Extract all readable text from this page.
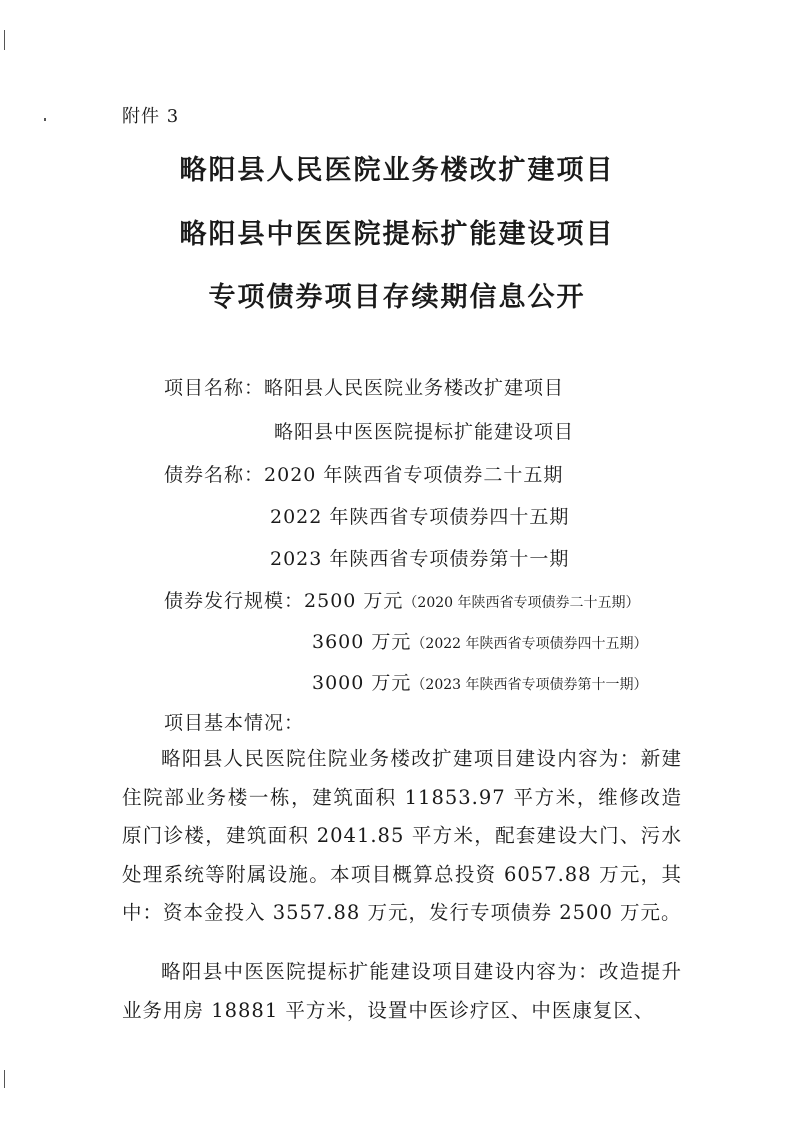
附件 3
略阳县人民医院业务楼改扩建项目
略阳县中医医院提标扩能建设项目
专项债券项目存续期信息公开
项目名称：略阳县人民医院业务楼改扩建项目
略阳县中医医院提标扩能建设项目
债券名称：2020 年陕西省专项债券二十五期
2022 年陕西省专项债券四十五期
2023 年陕西省专项债券第十一期
债券发行规模：2500 万元（2020 年陕西省专项债券二十五期）
3600 万元（2022 年陕西省专项债券四十五期）
3000 万元（2023 年陕西省专项债券第十一期）
项目基本情况：
略阳县人民医院住院业务楼改扩建项目建设内容为：新建住院部业务楼一栋，建筑面积 11853.97 平方米，维修改造原门诊楼，建筑面积 2041.85 平方米，配套建设大门、污水处理系统等附属设施。本项目概算总投资 6057.88 万元，其中：资本金投入 3557.88 万元，发行专项债券 2500 万元。
略阳县中医医院提标扩能建设项目建设内容为：改造提升业务用房 18881 平方米，设置中医诊疗区、中医康复区、
